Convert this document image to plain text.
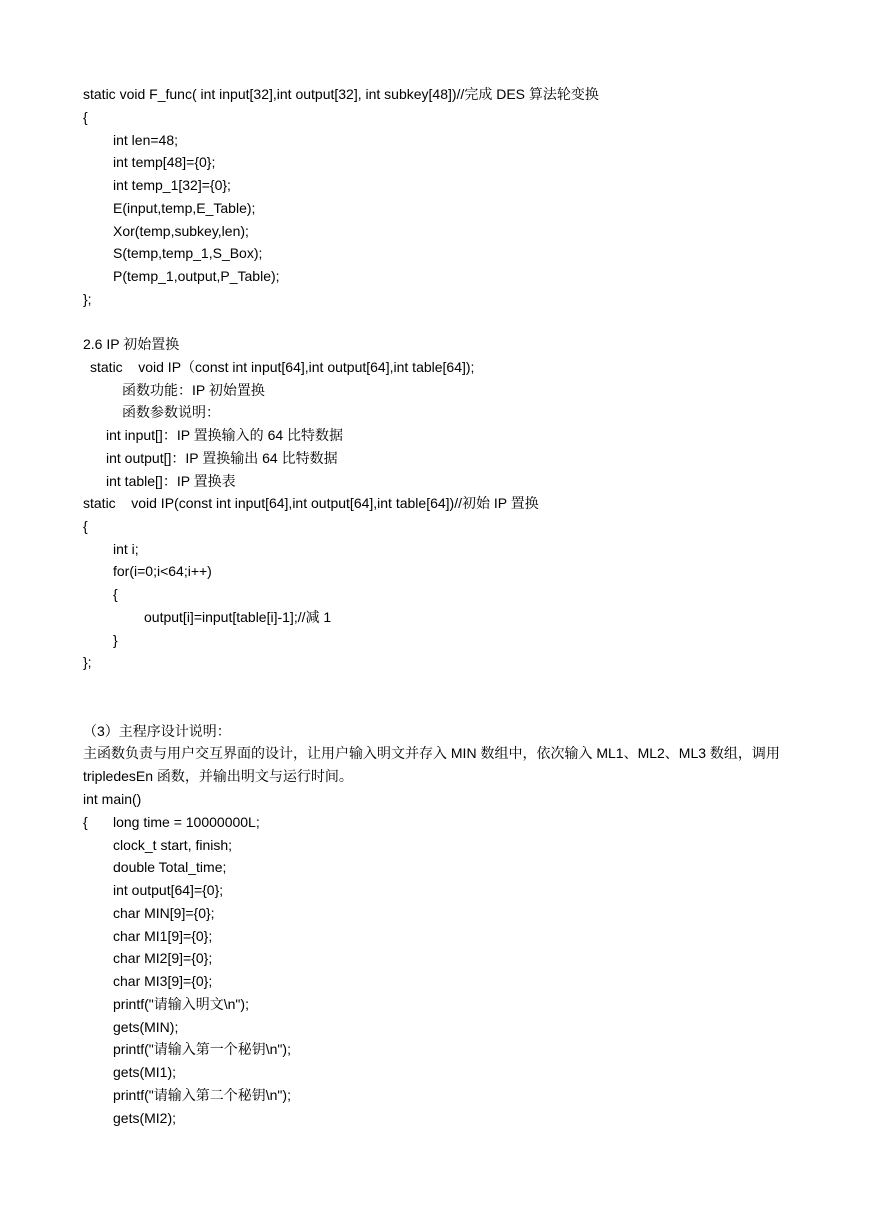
static void F_func( int input[32],int output[32], int subkey[48])//完成 DES 算法轮变换
{
int len=48;
int temp[48]={0};
int temp_1[32]={0};
E(input,temp,E_Table);
Xor(temp,subkey,len);
S(temp,temp_1,S_Box);
P(temp_1,output,P_Table);
};
2.6 IP 初始置换
static    void IP（const int input[64],int output[64],int table[64]);
函数功能：IP 初始置换
函数参数说明：
int input[]：IP 置换输入的 64 比特数据
int output[]：IP 置换输出 64 比特数据
int table[]：IP 置换表
static    void IP(const int input[64],int output[64],int table[64])//初始 IP 置换
{
int i;
for(i=0;i<64;i++)
{
output[i]=input[table[i]-1];//减 1
}
};
（3）主程序设计说明：
主函数负责与用户交互界面的设计，让用户输入明文并存入 MIN 数组中，依次输入 ML1、ML2、ML3 数组，调用 tripledesEn 函数，并输出明文与运行时间。
int main()
{ long time = 10000000L;
clock_t start, finish;
double Total_time;
int output[64]={0};
char MIN[9]={0};
char MI1[9]={0};
char MI2[9]={0};
char MI3[9]={0};
printf("请输入明文\n");
gets(MIN);
printf("请输入第一个秘钥\n");
gets(MI1);
printf("请输入第二个秘钥\n");
gets(MI2);
